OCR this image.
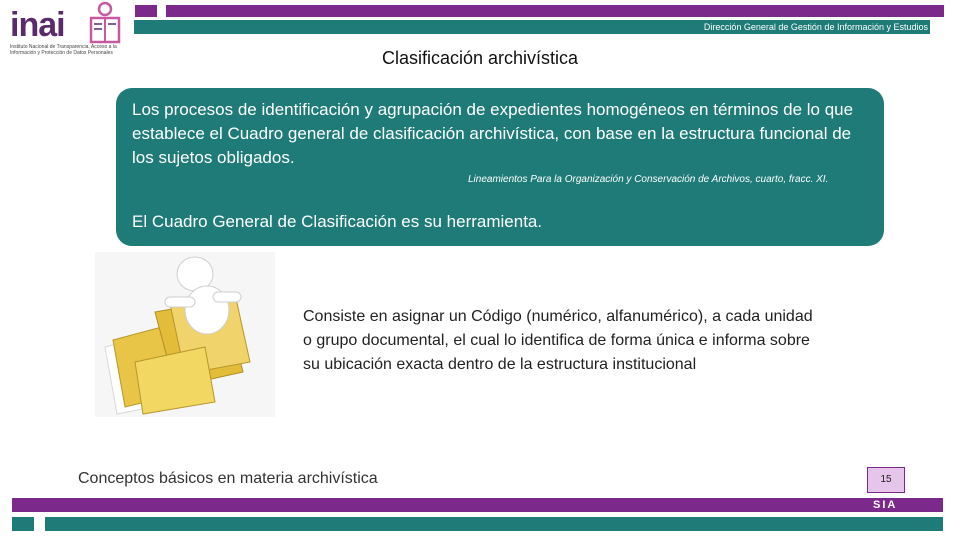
Dirección General de Gestión de Información y Estudios
inai
Instituto Nacional de Transparencia, Acceso a la Información y Protección de Datos Personales	Clasificación archivística
Los procesos de identificación y agrupación de expedientes homogéneos en términos de lo que establece el Cuadro general de clasificación archivística, con base en la estructura funcional de los sujetos obligados.
Lineamientos Para la Organización y Conservación de Archivos, cuarto, fracc. XI.
El Cuadro General de Clasificación es su herramienta.
Consiste en asignar un Código (numérico, alfanumérico), a cada unidad o grupo documental, el cual lo identifica de forma única e informa sobre su ubicación exacta dentro de la estructura institucional
Conceptos básicos en materia archivística	15
SIA
